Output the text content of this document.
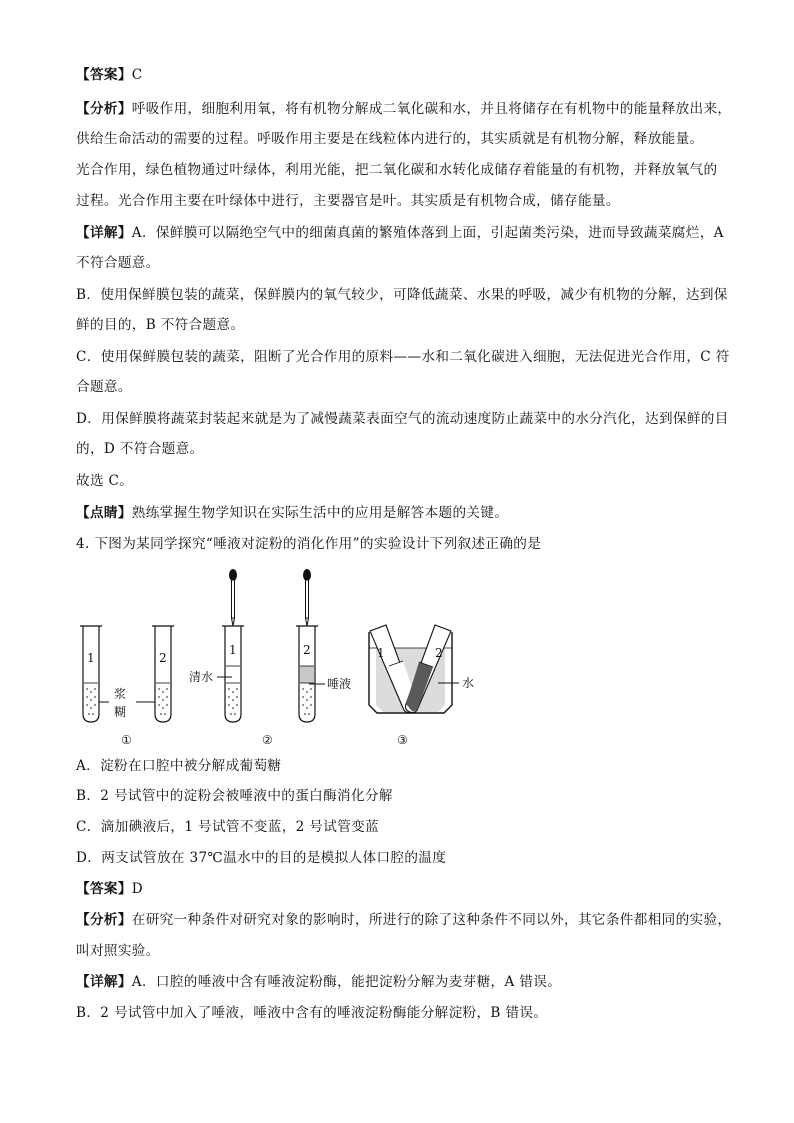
【答案】C
【分析】呼吸作用，细胞利用氧，将有机物分解成二氧化碳和水，并且将储存在有机物中的能量释放出来，
供给生命活动的需要的过程。呼吸作用主要是在线粒体内进行的，其实质就是有机物分解，释放能量。
光合作用，绿色植物通过叶绿体，利用光能，把二氧化碳和水转化成储存着能量的有机物，并释放氧气的
过程。光合作用主要在叶绿体中进行，主要器官是叶。其实质是有机物合成，储存能量。
【详解】A．保鲜膜可以隔绝空气中的细菌真菌的繁殖体落到上面，引起菌类污染，进而导致蔬菜腐烂，A
不符合题意。
B．使用保鲜膜包装的蔬菜，保鲜膜内的氧气较少，可降低蔬菜、水果的呼吸，减少有机物的分解，达到保
鲜的目的，B 不符合题意。
C．使用保鲜膜包装的蔬菜，阻断了光合作用的原料——水和二氧化碳进入细胞，无法促进光合作用，C 符
合题意。
D．用保鲜膜将蔬菜封装起来就是为了减慢蔬菜表面空气的流动速度防止蔬菜中的水分汽化，达到保鲜的目
的，D 不符合题意。
故选 C。
【点睛】熟练掌握生物学知识在实际生活中的应用是解答本题的关键。
4. 下图为某同学探究“唾液对淀粉的消化作用”的实验设计下列叙述正确的是
1	2
浆
糊
①
1
清水
2
唾液
②
1	2
水
③
A．淀粉在口腔中被分解成葡萄糖
B．2 号试管中的淀粉会被唾液中的蛋白酶消化分解
C．滴加碘液后，1 号试管不变蓝，2 号试管变蓝
D．两支试管放在 37℃温水中的目的是模拟人体口腔的温度
【答案】D
【分析】在研究一种条件对研究对象的影响时，所进行的除了这种条件不同以外，其它条件都相同的实验，
叫对照实验。
【详解】A．口腔的唾液中含有唾液淀粉酶，能把淀粉分解为麦芽糖，A 错误。
B．2 号试管中加入了唾液，唾液中含有的唾液淀粉酶能分解淀粉，B 错误。
